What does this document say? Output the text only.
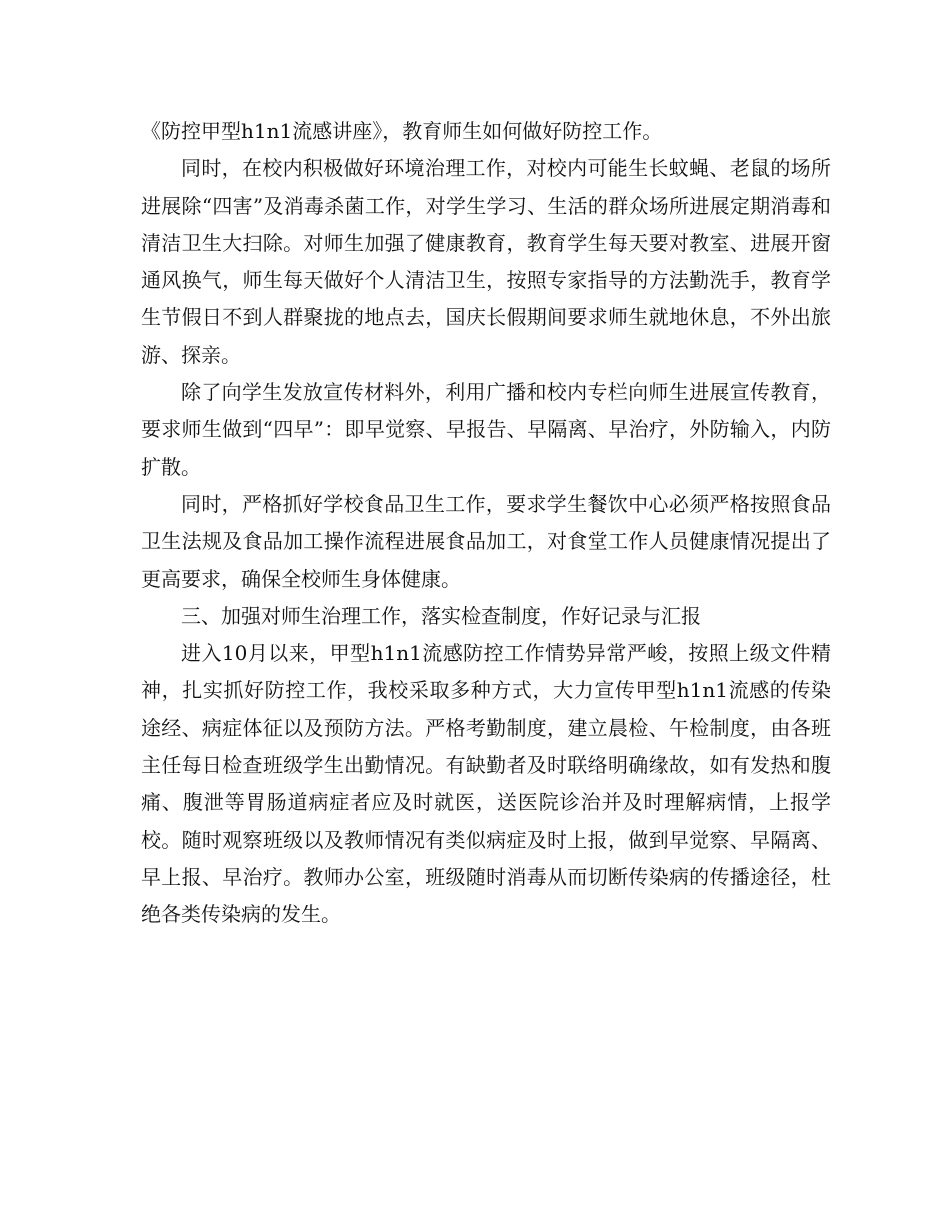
《防控甲型h1n1流感讲座》，教育师生如何做好防控工作。

同时，在校内积极做好环境治理工作，对校内可能生长蚊蝇、老鼠的场所进展除“四害”及消毒杀菌工作，对学生学习、生活的群众场所进展定期消毒和清洁卫生大扫除。对师生加强了健康教育，教育学生每天要对教室、进展开窗通风换气，师生每天做好个人清洁卫生，按照专家指导的方法勤洗手，教育学生节假日不到人群聚拢的地点去，国庆长假期间要求师生就地休息，不外出旅游、探亲。

除了向学生发放宣传材料外，利用广播和校内专栏向师生进展宣传教育，要求师生做到“四早”：即早觉察、早报告、早隔离、早治疗，外防输入，内防扩散。

同时，严格抓好学校食品卫生工作，要求学生餐饮中心必须严格按照食品卫生法规及食品加工操作流程进展食品加工，对食堂工作人员健康情况提出了更高要求，确保全校师生身体健康。

三、加强对师生治理工作，落实检查制度，作好记录与汇报

进入10月以来，甲型h1n1流感防控工作情势异常严峻，按照上级文件精神，扎实抓好防控工作，我校采取多种方式，大力宣传甲型h1n1流感的传染途经、病症体征以及预防方法。严格考勤制度，建立晨检、午检制度，由各班主任每日检查班级学生出勤情况。有缺勤者及时联络明确缘故，如有发热和腹痛、腹泄等胃肠道病症者应及时就医，送医院诊治并及时理解病情，上报学校。随时观察班级以及教师情况有类似病症及时上报，做到早觉察、早隔离、早上报、早治疗。教师办公室，班级随时消毒从而切断传染病的传播途径，杜绝各类传染病的发生。
